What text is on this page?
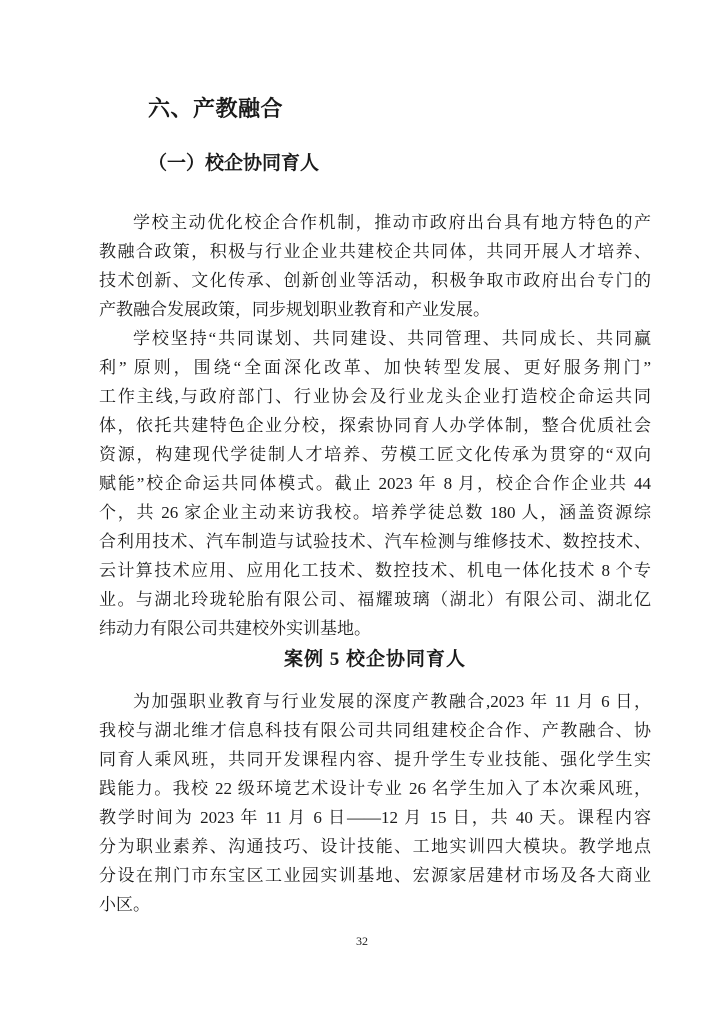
六、产教融合
（一）校企协同育人
学校主动优化校企合作机制，推动市政府出台具有地方特色的产
教融合政策，积极与行业企业共建校企共同体，共同开展人才培养、
技术创新、文化传承、创新创业等活动，积极争取市政府出台专门的
产教融合发展政策，同步规划职业教育和产业发展。
学校坚持“共同谋划、共同建设、共同管理、共同成长、共同赢
利” 原则，围绕“全面深化改革、加快转型发展、更好服务荆门”
工作主线,与政府部门、行业协会及行业龙头企业打造校企命运共同
体，依托共建特色企业分校，探索协同育人办学体制，整合优质社会
资源，构建现代学徒制人才培养、劳模工匠文化传承为贯穿的“双向
赋能”校企命运共同体模式。截止 2023 年 8 月，校企合作企业共 44
个，共 26 家企业主动来访我校。培养学徒总数 180 人，涵盖资源综
合利用技术、汽车制造与试验技术、汽车检测与维修技术、数控技术、
云计算技术应用、应用化工技术、数控技术、机电一体化技术 8 个专
业。与湖北玲珑轮胎有限公司、福耀玻璃（湖北）有限公司、湖北亿
纬动力有限公司共建校外实训基地。
案例 5 校企协同育人
为加强职业教育与行业发展的深度产教融合,2023 年 11 月 6 日，
我校与湖北维才信息科技有限公司共同组建校企合作、产教融合、协
同育人乘风班，共同开发课程内容、提升学生专业技能、强化学生实
践能力。我校 22 级环境艺术设计专业 26 名学生加入了本次乘风班，
教学时间为 2023 年 11 月 6 日——12 月 15 日，共 40 天。课程内容
分为职业素养、沟通技巧、设计技能、工地实训四大模块。教学地点
分设在荆门市东宝区工业园实训基地、宏源家居建材市场及各大商业
小区。
32
